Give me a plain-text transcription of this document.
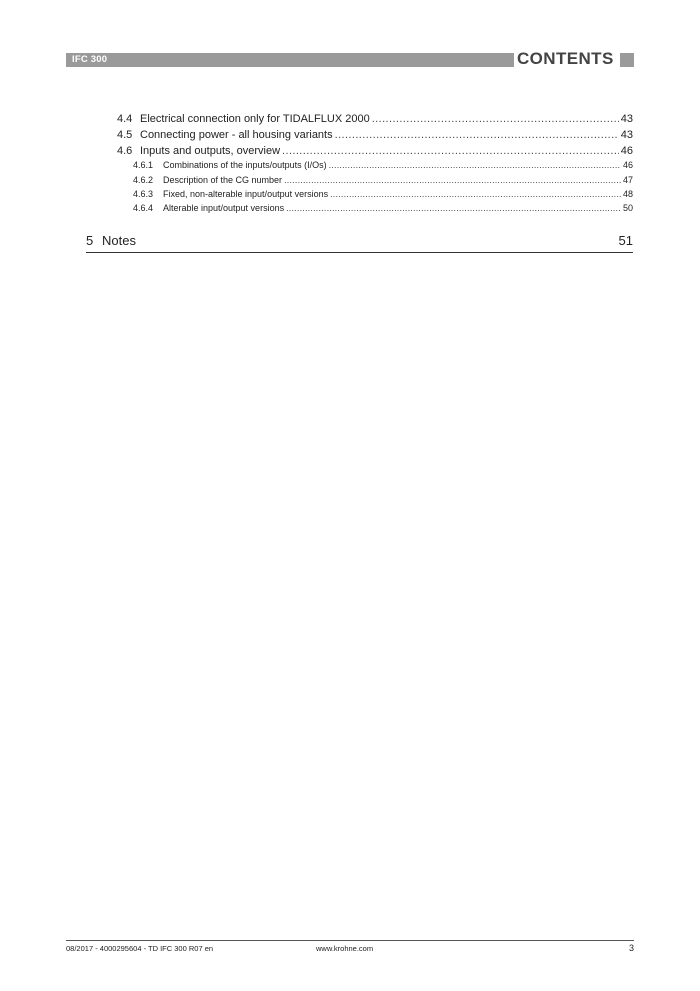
IFC 300	CONTENTS
4.4 Electrical connection only for TIDALFLUX 2000 .....	43
4.5 Connecting power - all housing variants .....	43
4.6 Inputs and outputs, overview .....	46
4.6.1	Combinations of the inputs/outputs (I/Os) .....	46
4.6.2	Description of the CG number .....	47
4.6.3	Fixed, non-alterable input/output versions .....	48
4.6.4	Alterable input/output versions .....	50
5 Notes	51
08/2017 - 4000295604 - TD IFC 300 R07 en	www.krohne.com	3
